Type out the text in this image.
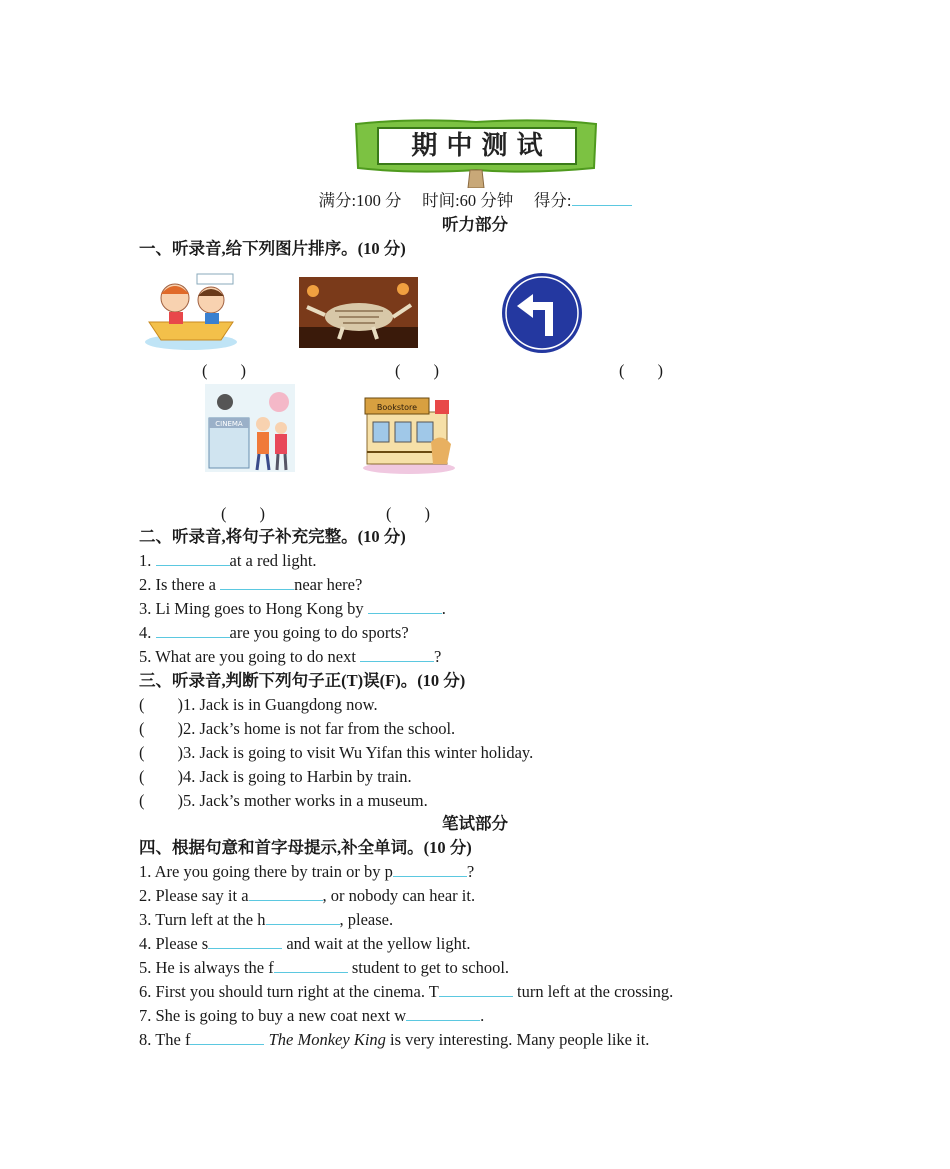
期 中 测 试
满分:100 分 时间:60 分钟 得分:
听力部分
一、听录音,给下列图片排序。(10 分)
(　　)	(　　)	(　　)
CINEMA
Bookstore
(　　)	(　　)
二、听录音,将句子补充完整。(10 分)
1.	at a red light.
2. Is there a	near here?
3. Li Ming goes to Hong Kong by	.
4.	are you going to do sports?
5. What are you going to do next	?
三、听录音,判断下列句子正(T)误(F)。(10 分)
(　　)1. Jack is in Guangdong now.
(　　)2. Jack’s home is not far from the school.
(　　)3. Jack is going to visit Wu Yifan this winter holiday.
(　　)4. Jack is going to Harbin by train.
(　　)5. Jack’s mother works in a museum.
笔试部分
四、根据句意和首字母提示,补全单词。(10 分)
1. Are you going there by train or by p	?
2. Please say it a	, or nobody can hear it.
3. Turn left at the h	, please.
4. Please s	and wait at the yellow light.
5. He is always the f	student to get to school.
6. First you should turn right at the cinema. T	turn left at the crossing.
7. She is going to buy a new coat next w	.
8. The f	The Monkey King is very interesting. Many people like it.
